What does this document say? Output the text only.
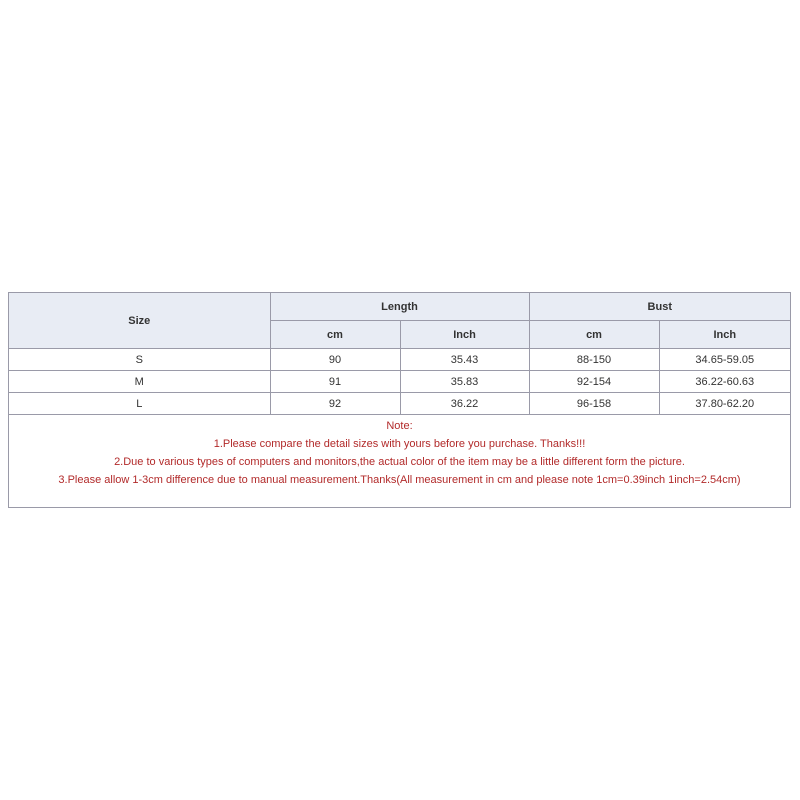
Size	Length		Bust	
	cm	Inch	cm	Inch
S	90	35.43	88-150	34.65-59.05
M	91	35.83	92-154	36.22-60.63
L	92	36.22	96-158	37.80-62.20
Note:
1.Please compare the detail sizes with yours before you purchase. Thanks!!!
2.Due to various types of computers and monitors,the actual color of the item may be a little different form the picture.
3.Please allow 1-3cm difference due to manual measurement.Thanks(All measurement in cm and please note 1cm=0.39inch 1inch=2.54cm)
